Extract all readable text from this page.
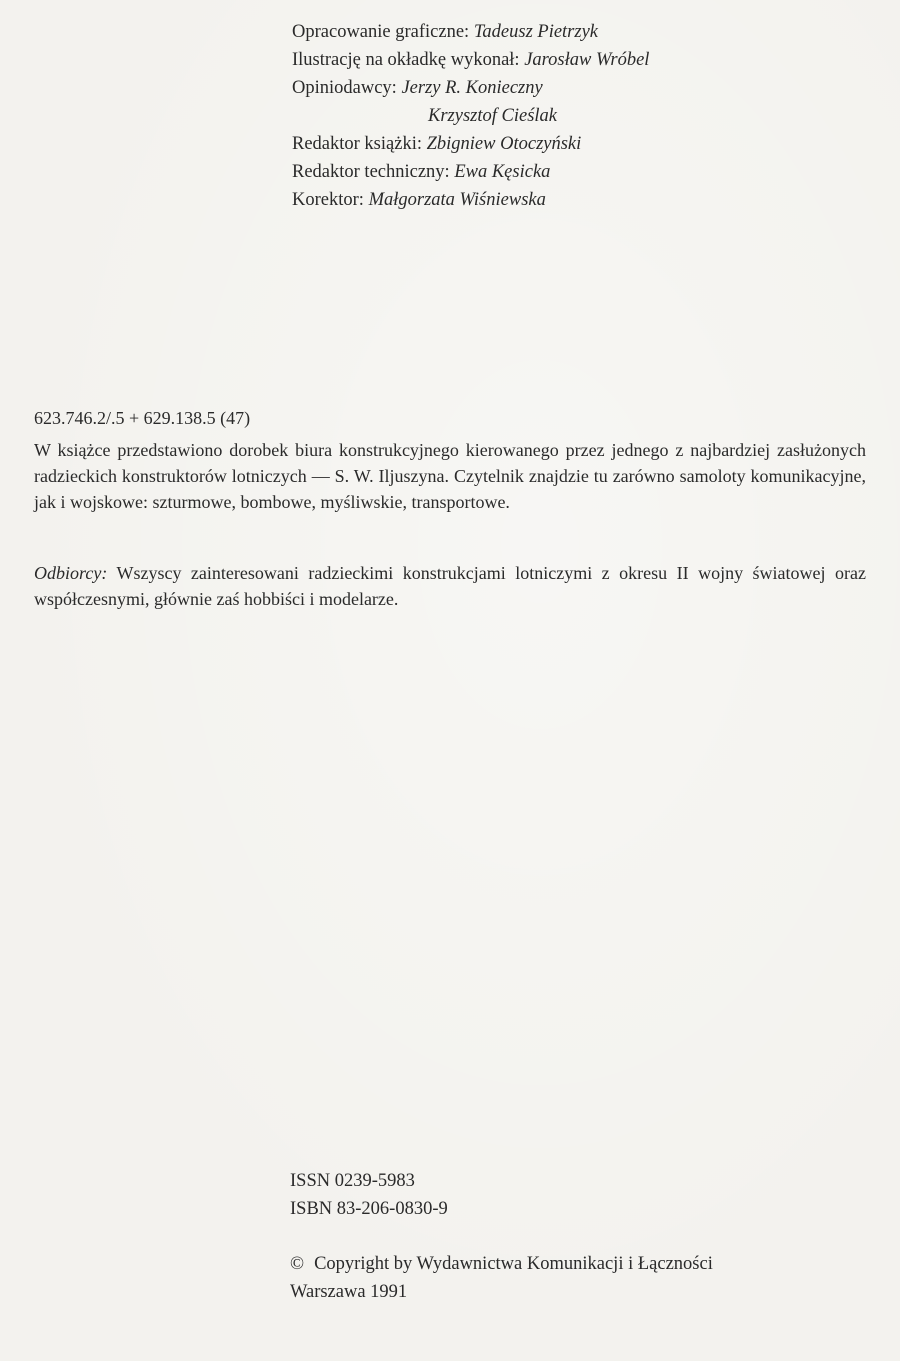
Opracowanie graficzne: Tadeusz Pietrzyk
Ilustrację na okładkę wykonał: Jarosław Wróbel
Opiniodawcy: Jerzy R. Konieczny
Krzysztof Cieślak
Redaktor książki: Zbigniew Otoczyński
Redaktor techniczny: Ewa Kęsicka
Korektor: Małgorzata Wiśniewska
623.746.2/.5 + 629.138.5 (47)
W książce przedstawiono dorobek biura konstrukcyjnego kierowanego przez jednego z najbardziej zasłużonych radzieckich konstruktorów lotniczych — S. W. Iljuszyna. Czytelnik znajdzie tu zarówno samoloty komunikacyjne, jak i wojskowe: szturmowe, bombowe, myśliwskie, transportowe.
Odbiorcy: Wszyscy zainteresowani radzieckimi konstrukcjami lotniczymi z okresu II wojny światowej oraz współczesnymi, głównie zaś hobbiści i modelarze.
ISSN 0239-5983
ISBN 83-206-0830-9
© Copyright by Wydawnictwa Komunikacji i Łączności
Warszawa 1991
